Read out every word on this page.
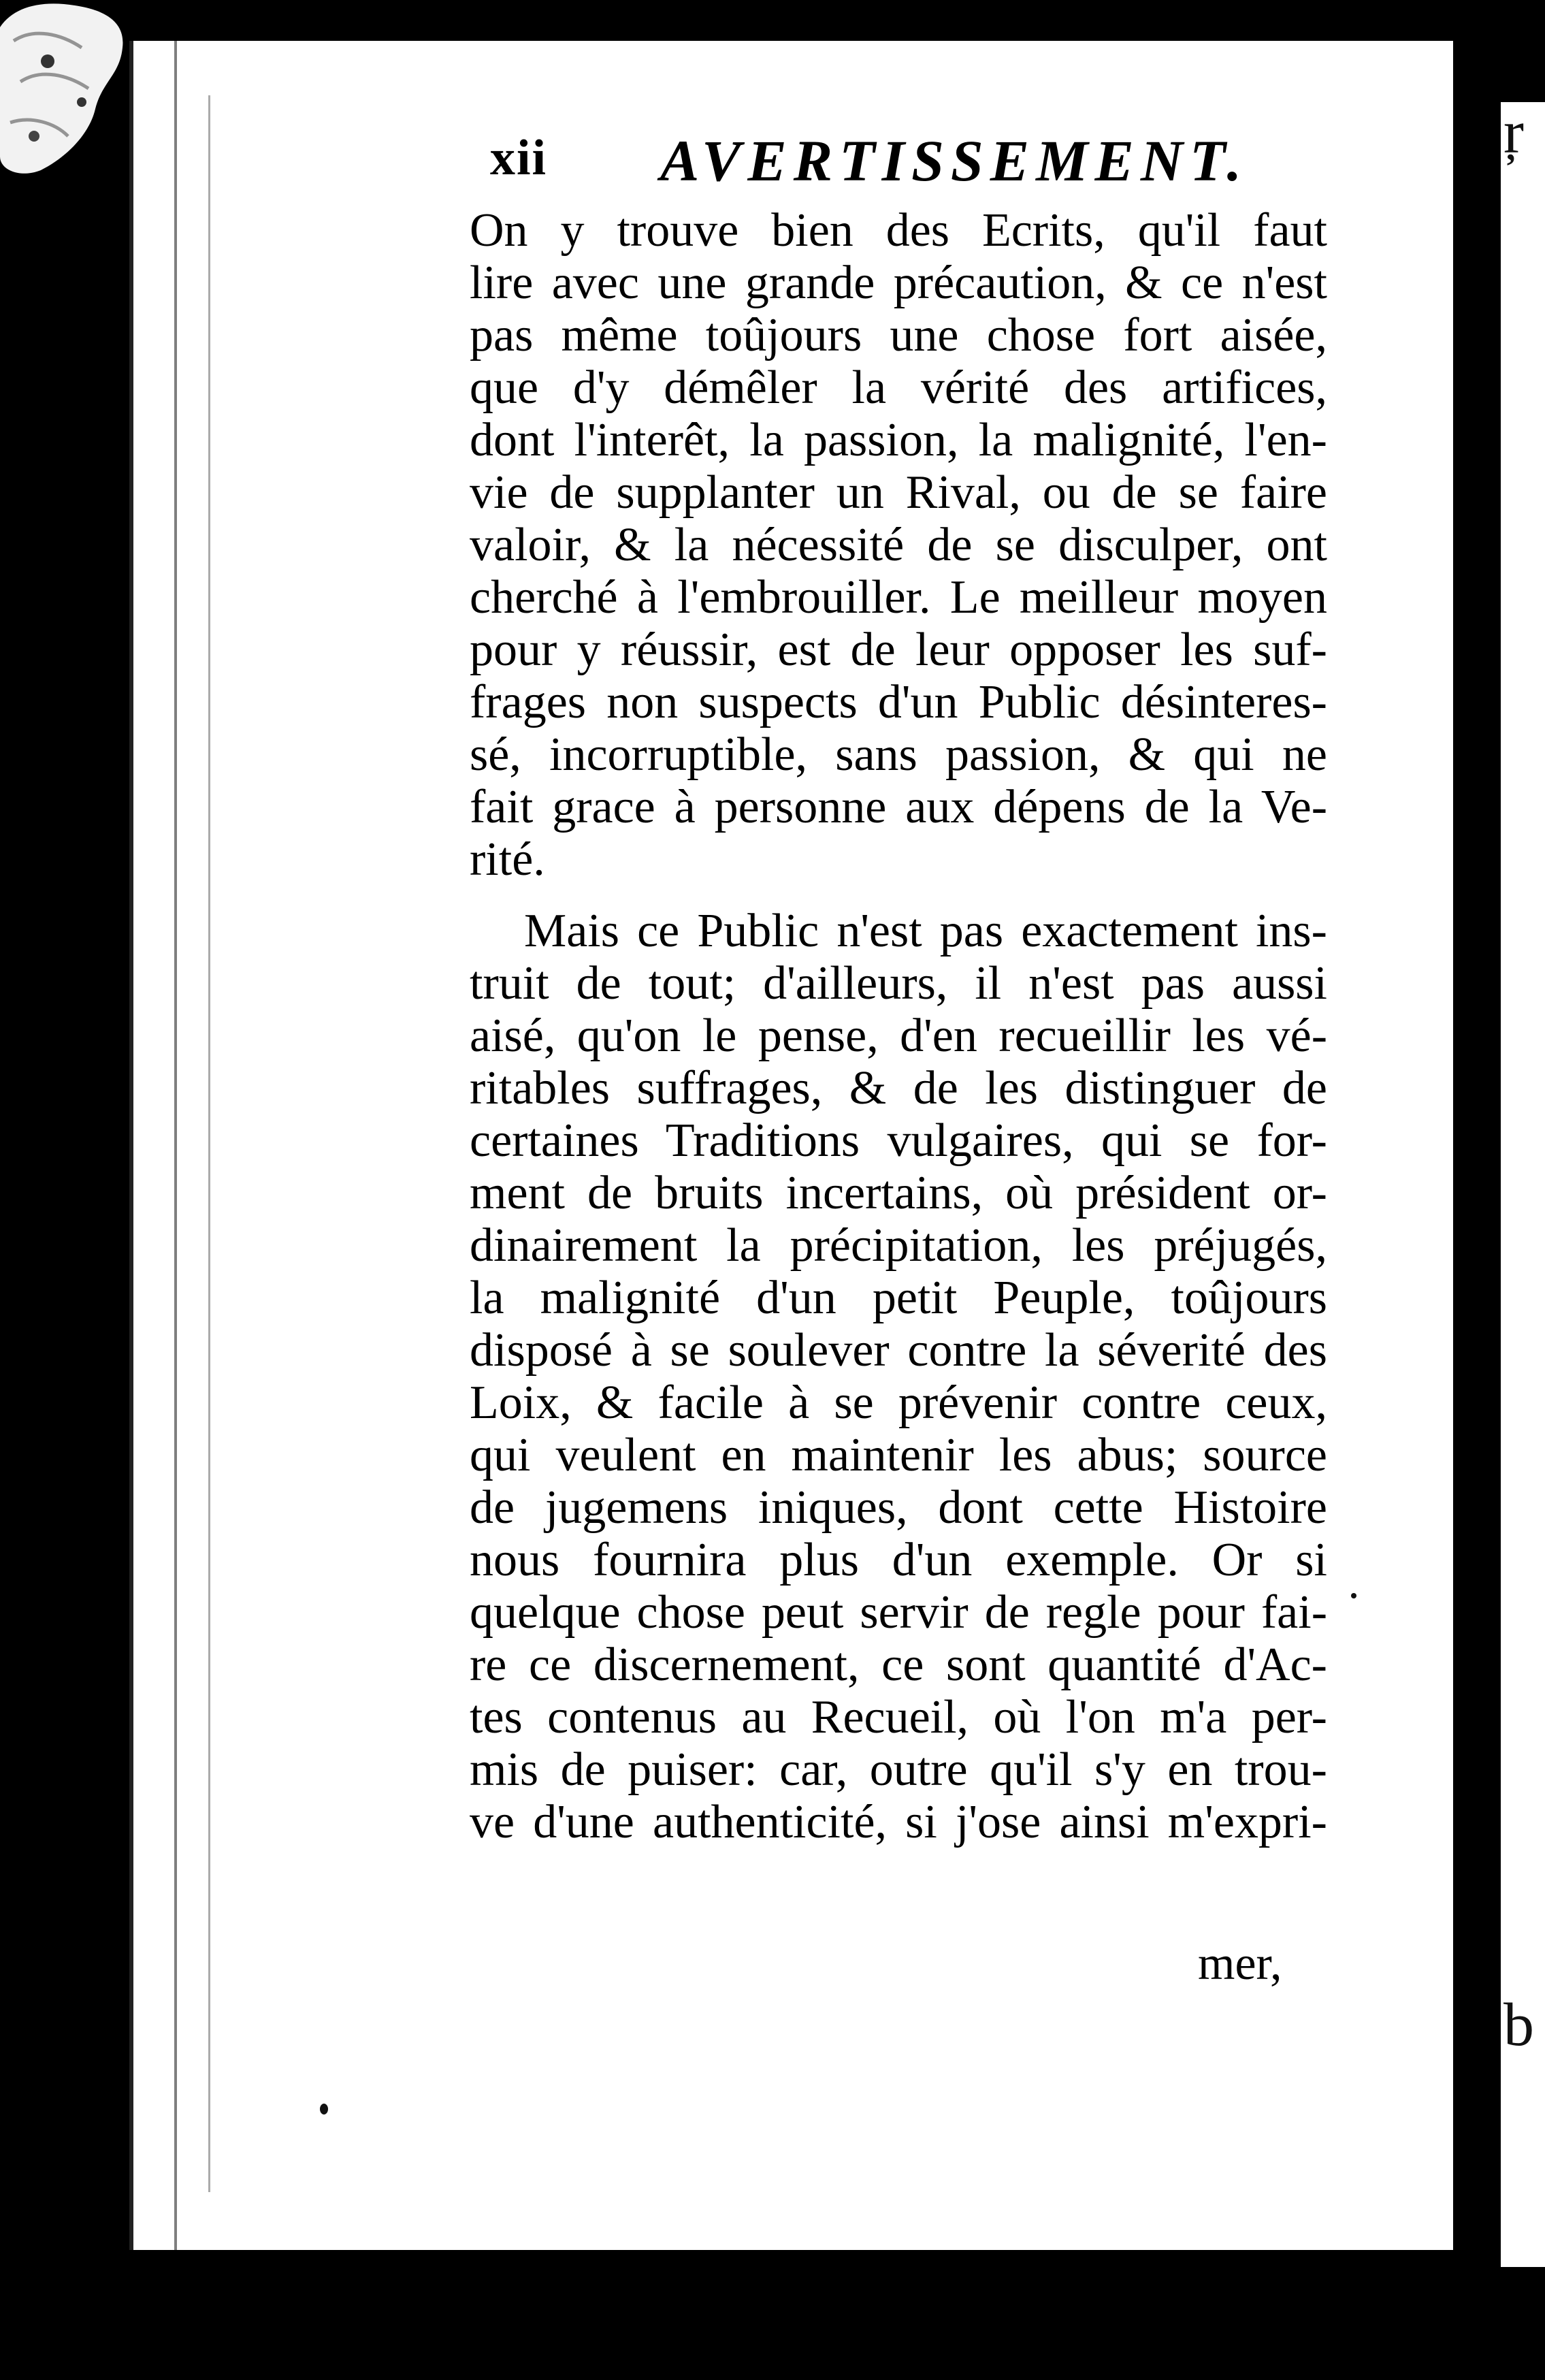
ŗ
b
xii AVERTISSEMENT.
On y trouve bien des Ecrits, qu'il faut
lire avec une grande précaution, & ce n'est
pas même toûjours une chose fort aisée,
que d'y démêler la vérité des artifices,
dont l'interêt, la passion, la malignité, l'en-
vie de supplanter un Rival, ou de se faire
valoir, & la nécessité de se disculper, ont
cherché à l'embrouiller. Le meilleur moyen
pour y réussir, est de leur opposer les suf-
frages non suspects d'un Public désinteres-
sé, incorruptible, sans passion, & qui ne
fait grace à personne aux dépens de la Ve-
rité.
Mais ce Public n'est pas exactement ins-
truit de tout; d'ailleurs, il n'est pas aussi
aisé, qu'on le pense, d'en recueillir les vé-
ritables suffrages, & de les distinguer de
certaines Traditions vulgaires, qui se for-
ment de bruits incertains, où président or-
dinairement la précipitation, les préjugés,
la malignité d'un petit Peuple, toûjours
disposé à se soulever contre la séverité des
Loix, & facile à se prévenir contre ceux,
qui veulent en maintenir les abus; source
de jugemens iniques, dont cette Histoire
nous fournira plus d'un exemple. Or si
quelque chose peut servir de regle pour fai-
re ce discernement, ce sont quantité d'Ac-
tes contenus au Recueil, où l'on m'a per-
mis de puiser: car, outre qu'il s'y en trou-
ve d'une authenticité, si j'ose ainsi m'expri-
mer,
